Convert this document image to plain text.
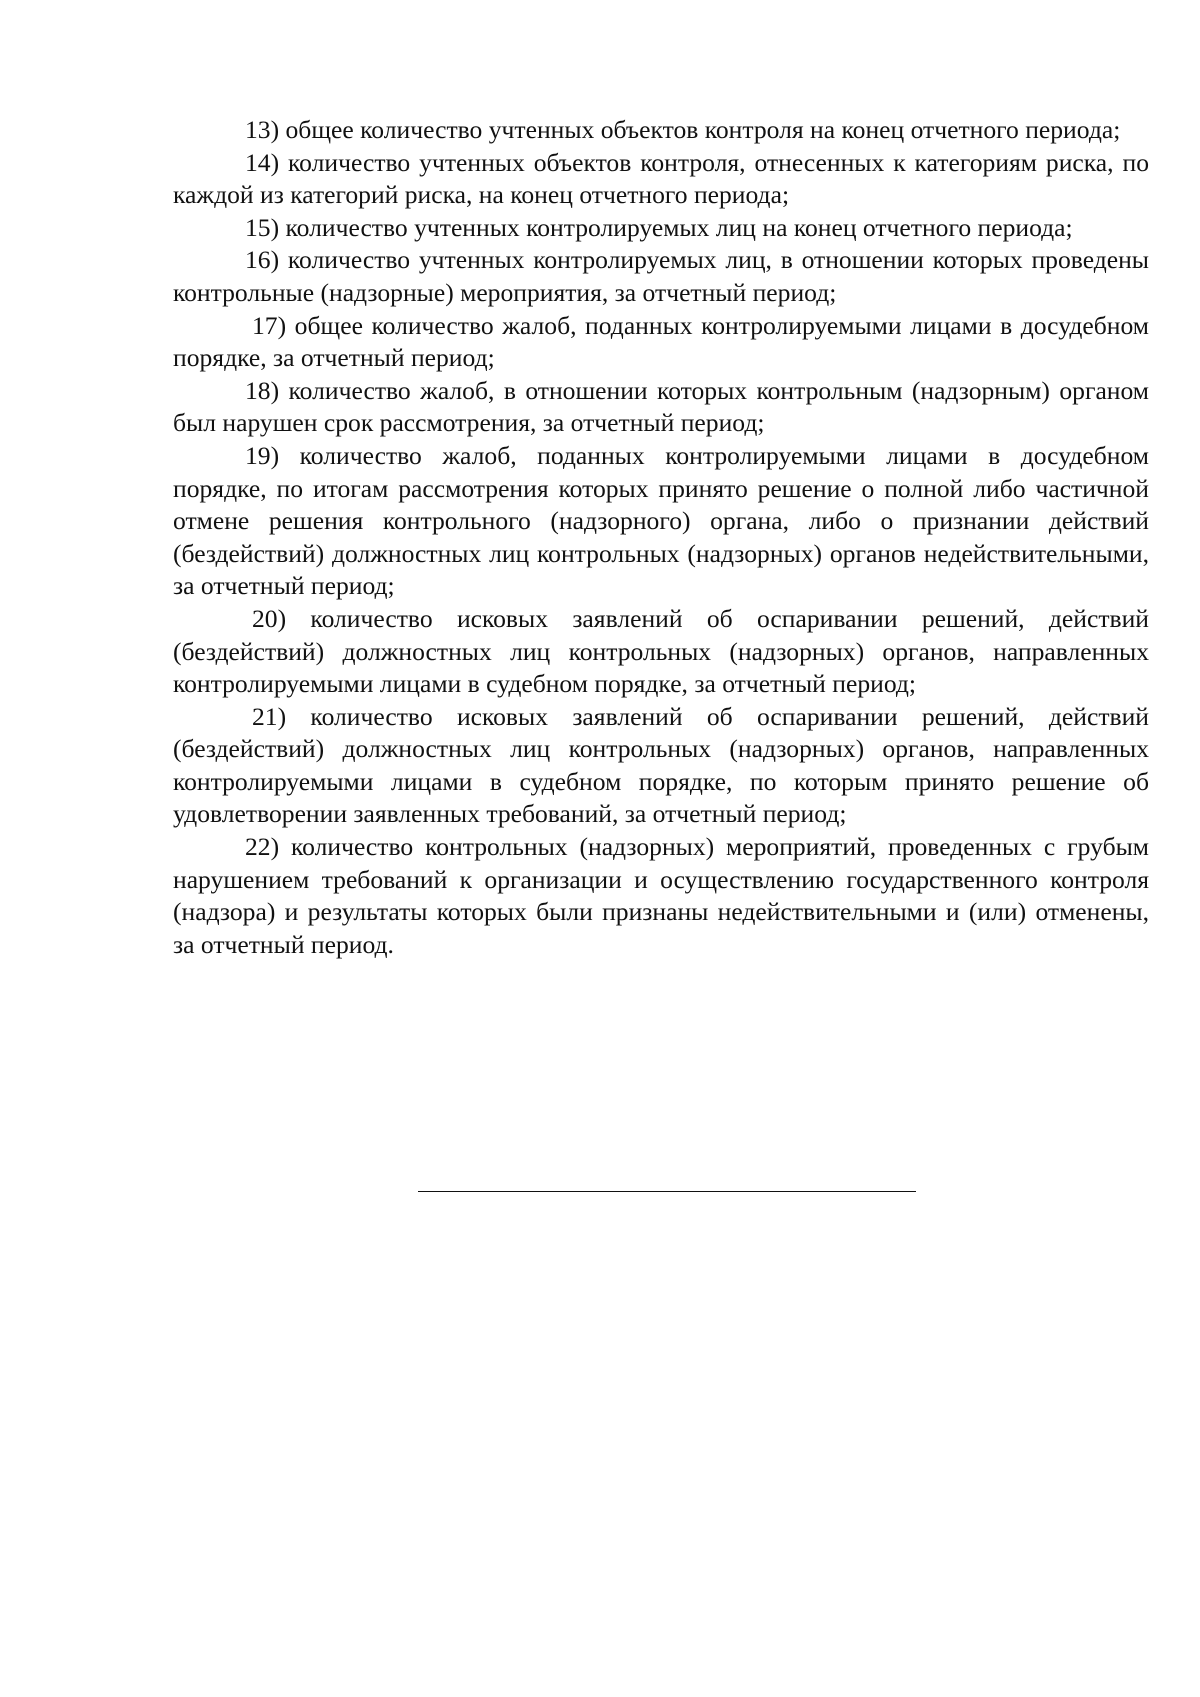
13) общее количество учтенных объектов контроля на конец отчетного периода;

14) количество учтенных объектов контроля, отнесенных к категориям риска, по каждой из категорий риска, на конец отчетного периода;

15) количество учтенных контролируемых лиц на конец отчетного периода;

16) количество учтенных контролируемых лиц, в отношении которых проведены контрольные (надзорные) мероприятия, за отчетный период;

17) общее количество жалоб, поданных контролируемыми лицами в досудебном порядке, за отчетный период;

18) количество жалоб, в отношении которых контрольным (надзорным) органом был нарушен срок рассмотрения, за отчетный период;

19) количество жалоб, поданных контролируемыми лицами в досудебном порядке, по итогам рассмотрения которых принято решение о полной либо частичной отмене решения контрольного (надзорного) органа, либо о признании действий (бездействий) должностных лиц контрольных (надзорных) органов недействительными, за отчетный период;

20) количество исковых заявлений об оспаривании решений, действий (бездействий) должностных лиц контрольных (надзорных) органов, направленных контролируемыми лицами в судебном порядке, за отчетный период;

21) количество исковых заявлений об оспаривании решений, действий (бездействий) должностных лиц контрольных (надзорных) органов, направленных контролируемыми лицами в судебном порядке, по которым принято решение об удовлетворении заявленных требований, за отчетный период;

22) количество контрольных (надзорных) мероприятий, проведенных с грубым нарушением требований к организации и осуществлению государственного контроля (надзора) и результаты которых были признаны недействительными и (или) отменены, за отчетный период.
